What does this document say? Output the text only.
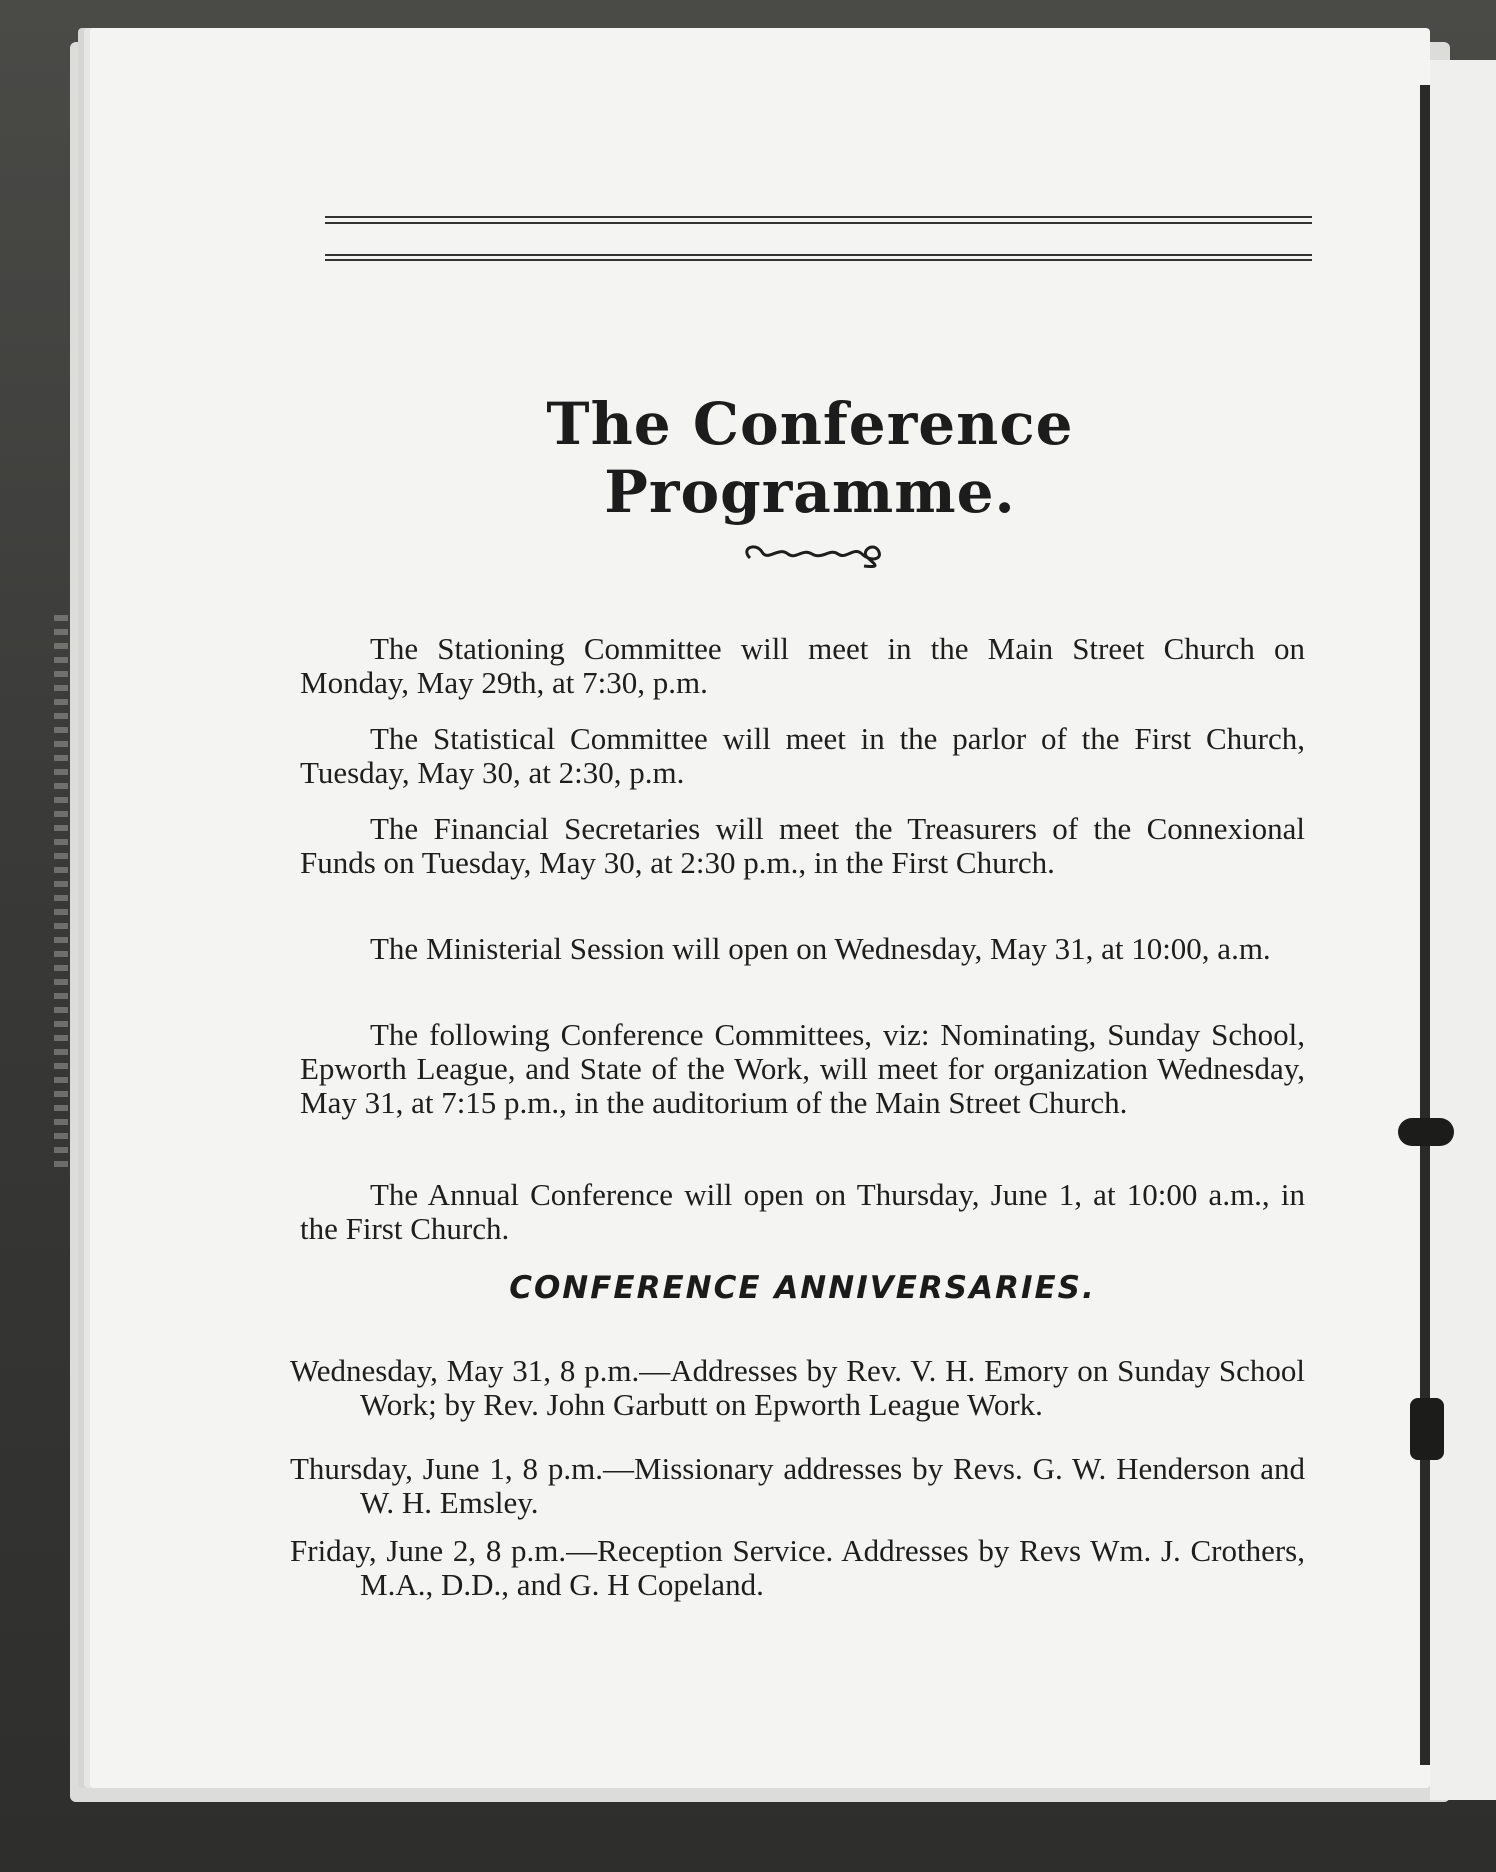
The Conference Programme.

The Stationing Committee will meet in the Main Street Church on Monday, May 29th, at 7:30, p.m.

The Statistical Committee will meet in the parlor of the First Church, Tuesday, May 30, at 2:30, p.m.

The Financial Secretaries will meet the Treasurers of the Connexional Funds on Tuesday, May 30, at 2:30 p.m., in the First Church.

The Ministerial Session will open on Wednesday, May 31, at 10:00, a.m.

The following Conference Committees, viz: Nominating, Sunday School, Epworth League, and State of the Work, will meet for organization Wednesday, May 31, at 7:15 p.m., in the auditorium of the Main Street Church.

The Annual Conference will open on Thursday, June 1, at 10:00 a.m., in the First Church.

CONFERENCE ANNIVERSARIES.

Wednesday, May 31, 8 p.m.—Addresses by Rev. V. H. Emory on Sunday School Work; by Rev. John Garbutt on Epworth League Work.

Thursday, June 1, 8 p.m.—Missionary addresses by Revs. G. W. Henderson and W. H. Emsley.

Friday, June 2, 8 p.m.—Reception Service. Addresses by Revs Wm. J. Crothers, M.A., D.D., and G. H Copeland.
